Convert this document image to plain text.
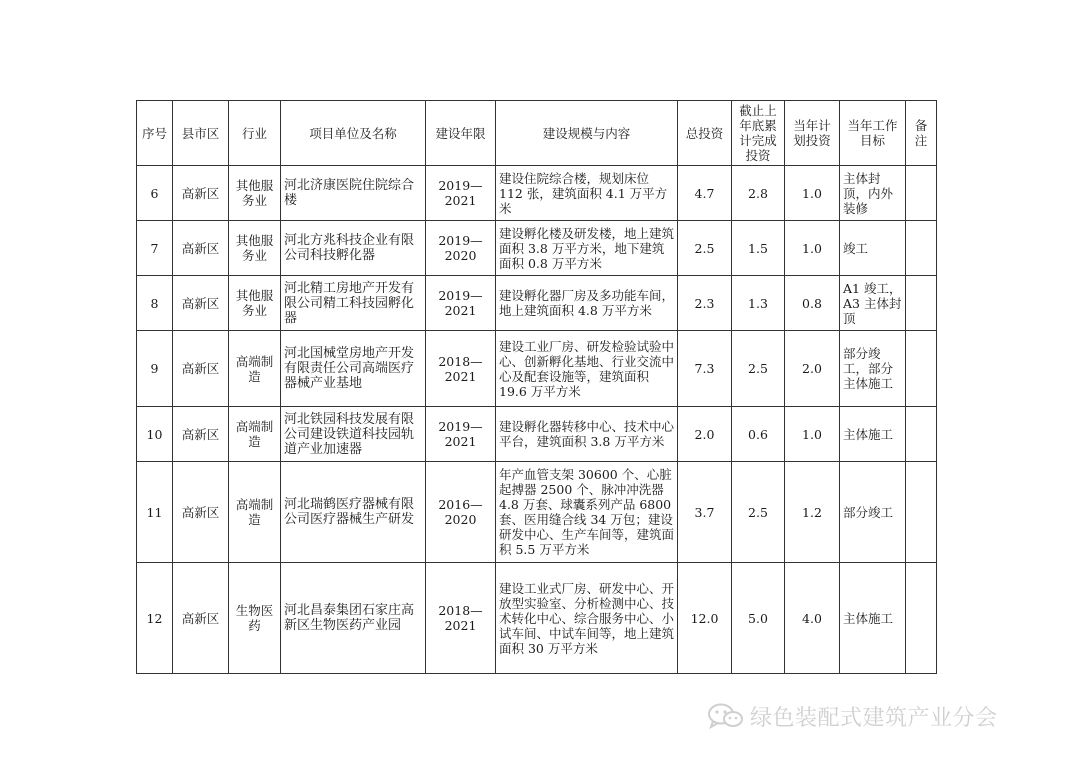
序号	县市区	行业	项目单位及名称	建设年限	建设规模与内容	总投资	截止上年底累计完成投资	当年计划投资	当年工作目标	备注
6	高新区	其他服务业	河北济康医院住院综合楼	2019—2021	建设住院综合楼，规划床位 112 张，建筑面积 4.1 万平方米	4.7	2.8	1.0	主体封顶，内外装修	
7	高新区	其他服务业	河北方兆科技企业有限公司科技孵化器	2019—2020	建设孵化楼及研发楼，地上建筑面积 3.8 万平方米，地下建筑面积 0.8 万平方米	2.5	1.5	1.0	竣工	
8	高新区	其他服务业	河北精工房地产开发有限公司精工科技园孵化器	2019—2021	建设孵化器厂房及多功能车间，地上建筑面积 4.8 万平方米	2.3	1.3	0.8	A1 竣工，A3 主体封顶	
9	高新区	高端制造	河北国械堂房地产开发有限责任公司高端医疗器械产业基地	2018—2021	建设工业厂房、研发检验试验中心、创新孵化基地、行业交流中心及配套设施等，建筑面积 19.6 万平方米	7.3	2.5	2.0	部分竣工，部分主体施工	
10	高新区	高端制造	河北铁园科技发展有限公司建设铁道科技园轨道产业加速器	2019—2021	建设孵化器转移中心、技术中心平台，建筑面积 3.8 万平方米	2.0	0.6	1.0	主体施工	
11	高新区	高端制造	河北瑞鹤医疗器械有限公司医疗器械生产研发	2016—2020	年产血管支架 30600 个、心脏起搏器 2500 个、脉冲冲洗器 4.8 万套、球囊系列产品 6800 套、医用缝合线 34 万包；建设研发中心、生产车间等，建筑面积 5.5 万平方米	3.7	2.5	1.2	部分竣工	
12	高新区	生物医药	河北昌泰集团石家庄高新区生物医药产业园	2018—2021	建设工业式厂房、研发中心、开放型实验室、分析检测中心、技术转化中心、综合服务中心、小试车间、中试车间等，地上建筑面积 30 万平方米	12.0	5.0	4.0	主体施工	
绿色装配式建筑产业分会
